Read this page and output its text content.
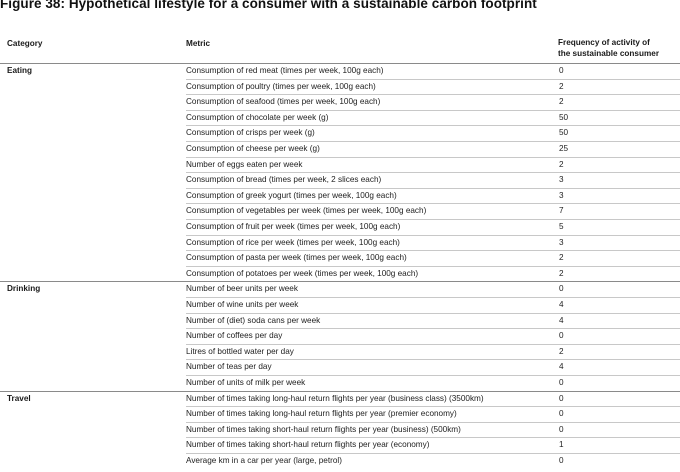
Figure 38: Hypothetical lifestyle for a consumer with a sustainable carbon footprint
Category	Metric	Frequency of activity of
the sustainable consumer
Eating	Consumption of red meat (times per week, 100g each)	0
Consumption of poultry (times per week, 100g each)	2
Consumption of seafood (times per week, 100g each)	2
Consumption of chocolate per week (g)	50
Consumption of crisps per week (g)	50
Consumption of cheese per week (g)	25
Number of eggs eaten per week	2
Consumption of bread (times per week, 2 slices each)	3
Consumption of greek yogurt (times per week, 100g each)	3
Consumption of vegetables per week (times per week, 100g each)	7
Consumption of fruit per week (times per week, 100g each)	5
Consumption of rice per week (times per week, 100g each)	3
Consumption of pasta per week (times per week, 100g each)	2
Consumption of potatoes per week (times per week, 100g each)	2
Drinking	Number of beer units per week	0
Number of wine units per week	4
Number of (diet) soda cans per week	4
Number of coffees per day	0
Litres of bottled water per day	2
Number of teas per day	4
Number of units of milk per week	0
Travel	Number of times taking long-haul return flights per year (business class) (3500km)	0
Number of times taking long-haul return flights per year (premier economy)	0
Number of times taking short-haul return flights per year (business) (500km)	0
Number of times taking short-haul return flights per year (economy)	1
Average km in a car per year (large, petrol)	0
